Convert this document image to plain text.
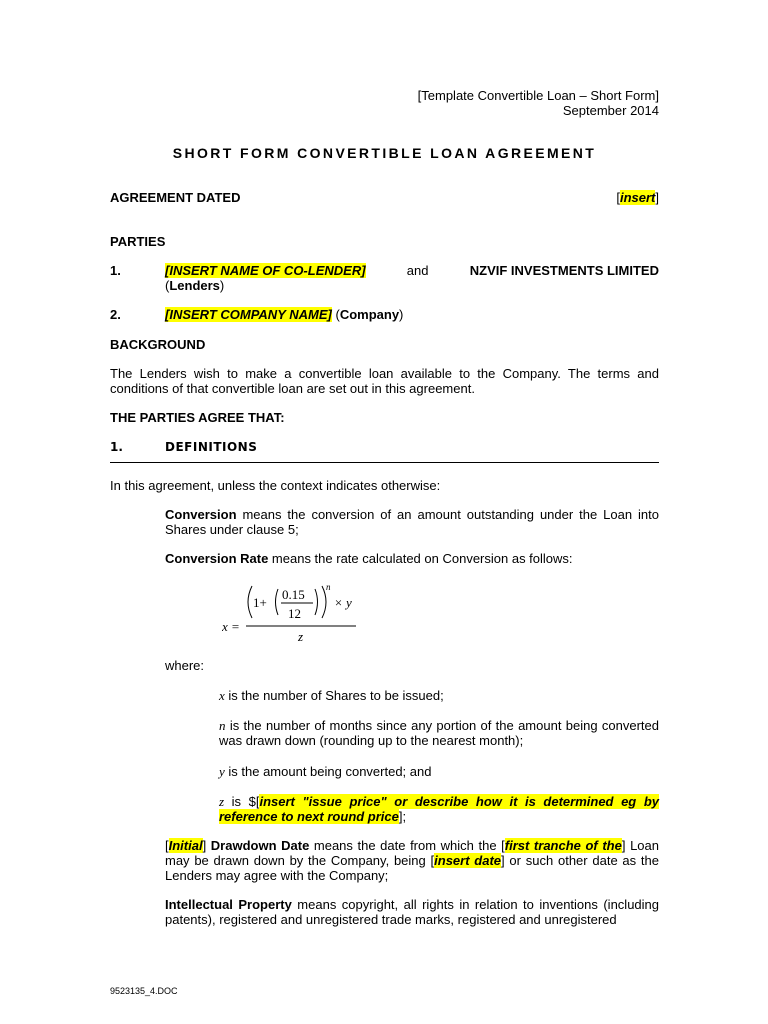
[Template Convertible Loan – Short Form]
September 2014
SHORT FORM CONVERTIBLE LOAN AGREEMENT
AGREEMENT DATED	[insert]
PARTIES
1.	[INSERT NAME OF CO-LENDER]	and	NZVIF INVESTMENTS LIMITED
(Lenders)
2.	[INSERT COMPANY NAME] (Company)
BACKGROUND
The Lenders wish to make a convertible loan available to the Company. The terms and conditions of that convertible loan are set out in this agreement.
THE PARTIES AGREE THAT:
1.	DEFINITIONS
In this agreement, unless the context indicates otherwise:
Conversion means the conversion of an amount outstanding under the Loan into Shares under clause 5;
Conversion Rate means the rate calculated on Conversion as follows:
x =
1+
0.15
12
n
× y
z
where:
x is the number of Shares to be issued;
n is the number of months since any portion of the amount being converted was drawn down (rounding up to the nearest month);
y is the amount being converted; and
z is $[insert "issue price" or describe how it is determined eg by reference to next round price];
[Initial] Drawdown Date means the date from which the [first tranche of the] Loan may be drawn down by the Company, being [insert date] or such other date as the Lenders may agree with the Company;
Intellectual Property means copyright, all rights in relation to inventions (including patents), registered and unregistered trade marks, registered and unregistered
9523135_4.DOC
